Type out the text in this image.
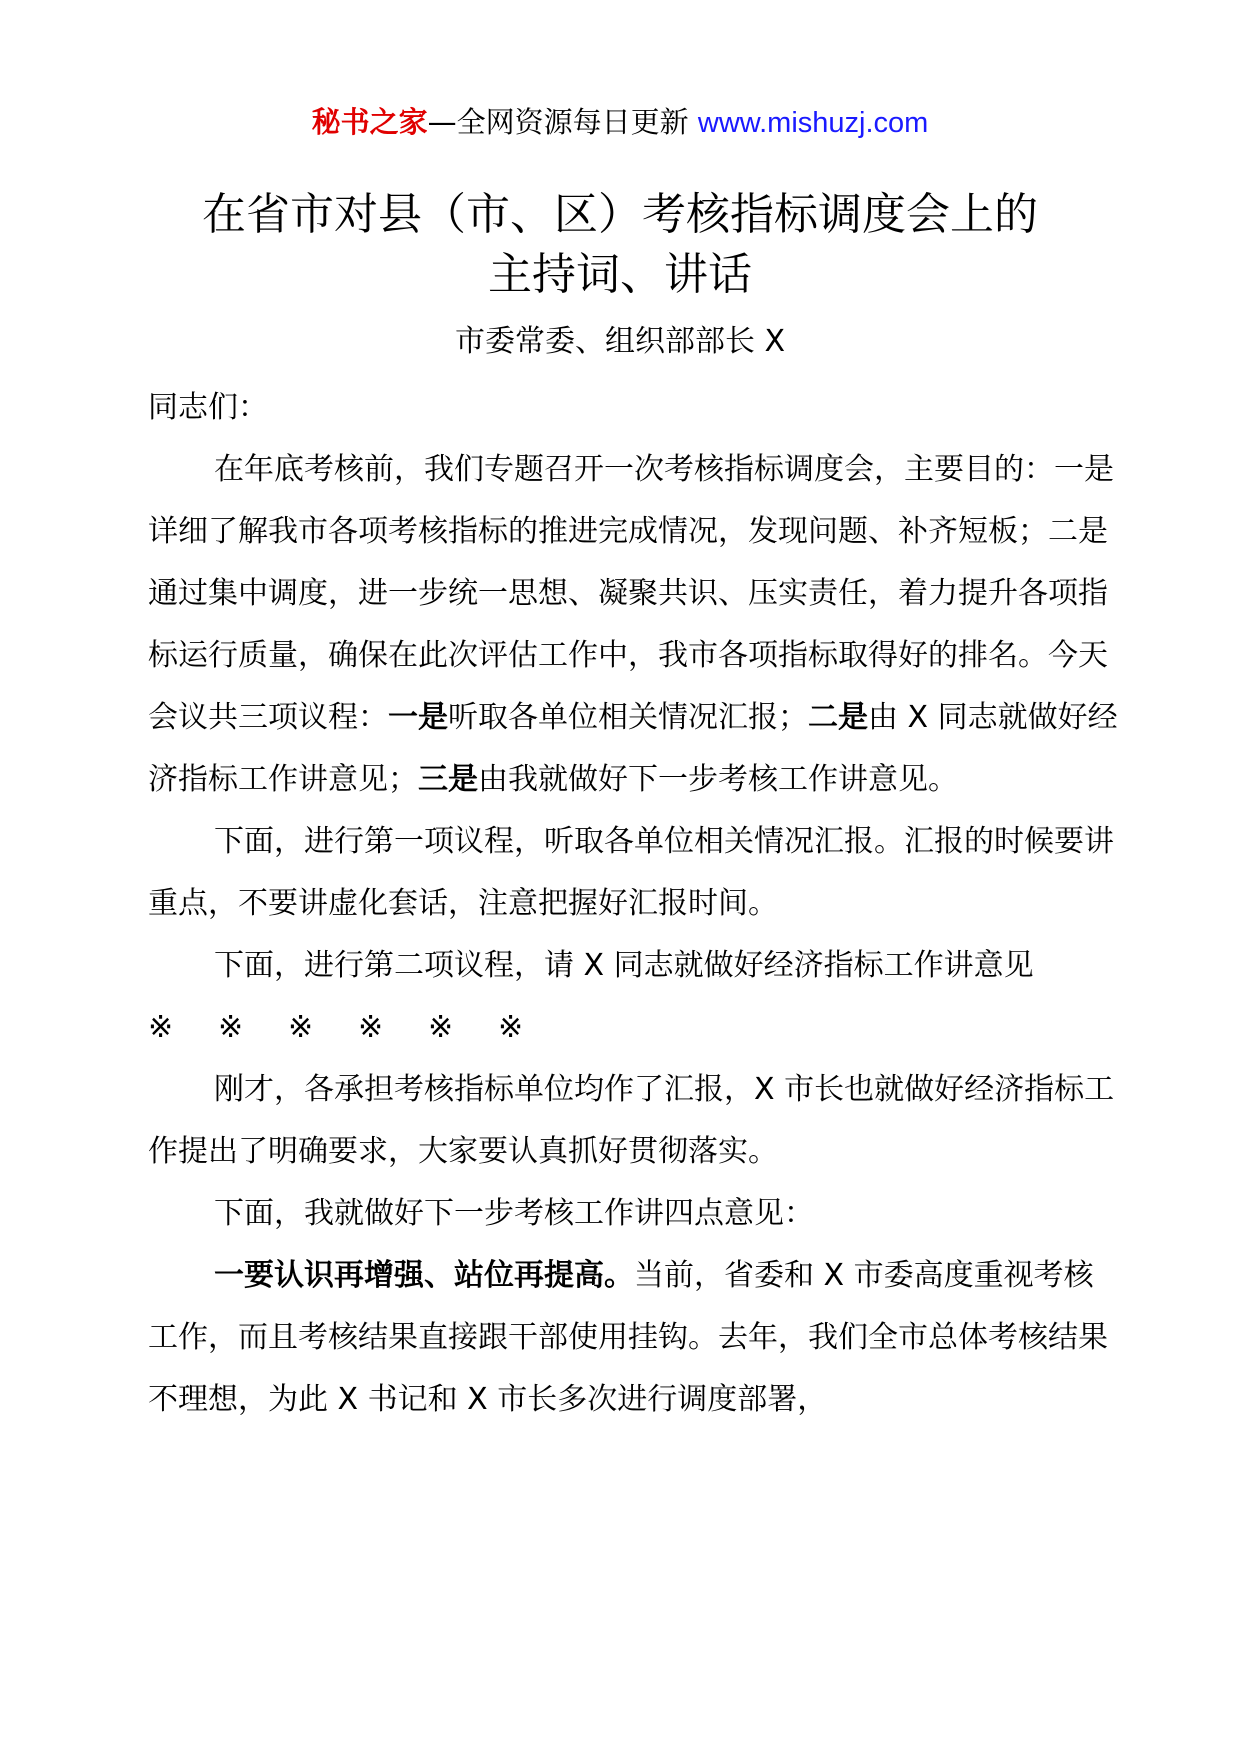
秘书之家—全网资源每日更新 www.mishuzj.com
在省市对县（市、区）考核指标调度会上的
主持词、讲话
市委常委、组织部部长 X

同志们：

在年底考核前，我们专题召开一次考核指标调度会，主要目的：一是详细了解我市各项考核指标的推进完成情况，发现问题、补齐短板；二是通过集中调度，进一步统一思想、凝聚共识、压实责任，着力提升各项指标运行质量，确保在此次评估工作中，我市各项指标取得好的排名。今天会议共三项议程：一是听取各单位相关情况汇报；二是由 X 同志就做好经济指标工作讲意见；三是由我就做好下一步考核工作讲意见。

下面，进行第一项议程，听取各单位相关情况汇报。汇报的时候要讲重点，不要讲虚化套话，注意把握好汇报时间。

下面，进行第二项议程，请 X 同志就做好经济指标工作讲意见

※ ※ ※ ※ ※ ※

刚才，各承担考核指标单位均作了汇报，X 市长也就做好经济指标工作提出了明确要求，大家要认真抓好贯彻落实。

下面，我就做好下一步考核工作讲四点意见：

一要认识再增强、站位再提高。当前，省委和 X 市委高度重视考核工作，而且考核结果直接跟干部使用挂钩。去年，我们全市总体考核结果不理想，为此 X 书记和 X 市长多次进行调度部署，
